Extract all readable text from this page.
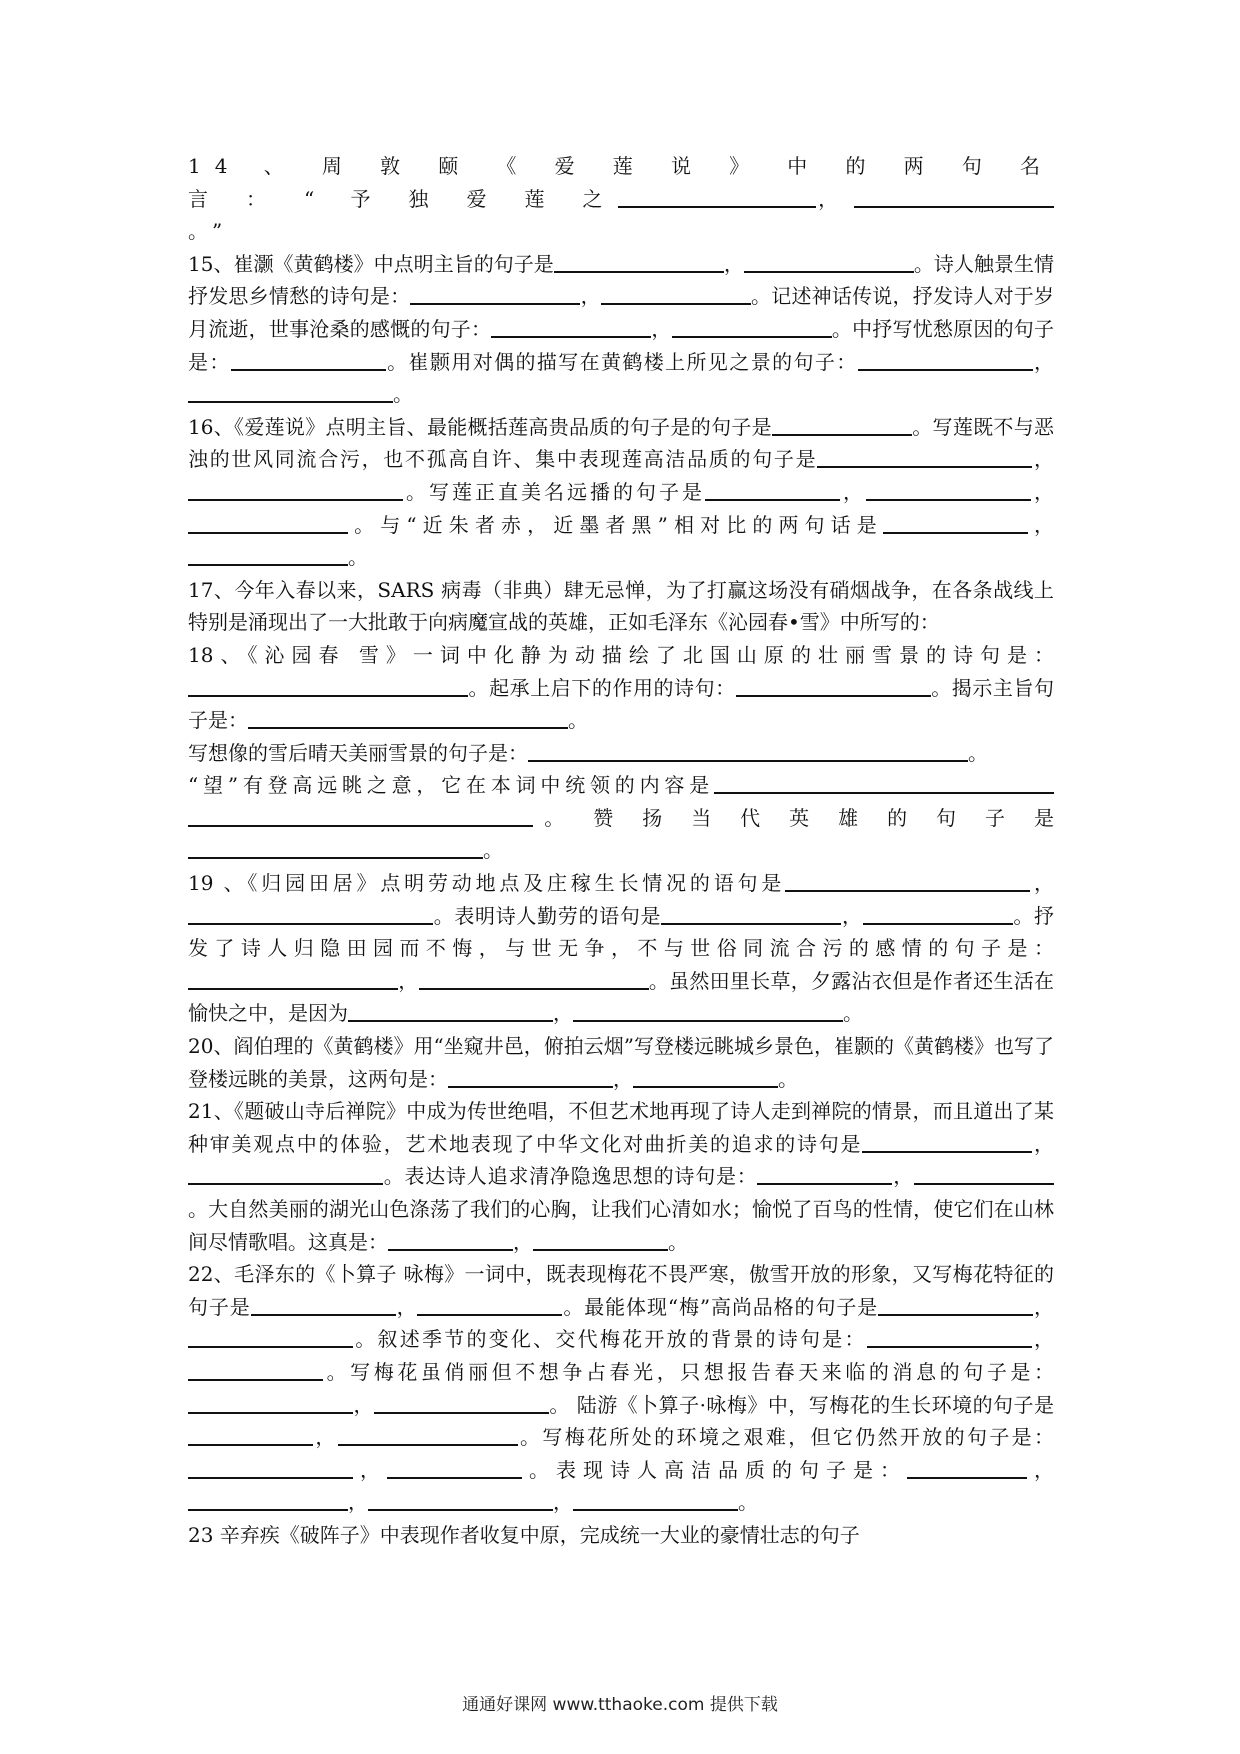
14 、 周 敦 颐 《 爱 莲 说 》 中 的 两 句 名 言 ： “ 予 独 爱 莲 之	，。”

15、崔灏《黄鹤楼》中点明主旨的句子是	，	。诗人触景生情抒发思乡情愁的诗句是：	，	。记述神话传说，抒发诗人对于岁月流逝，世事沧桑的感慨的句子：	，	。中抒写忧愁原因的句子是：	。崔颢用对偶的描写在黄鹤楼上所见之景的句子：	，。

16、《爱莲说》点明主旨、最能概括莲高贵品质的句子是的句子是	。写莲既不与恶浊的世风同流合污，也不孤高自许、集中表现莲高洁品质的句子是	，。写莲正直美名远播的句子是	，	，。与“近朱者赤，近墨者黑”相对比的两句话是	，。

17、今年入春以来，SARS 病毒（非典）肆无忌惮，为了打赢这场没有硝烟战争，在各条战线上特别是涌现出了一大批敢于向病魔宣战的英雄，正如毛泽东《沁园春•雪》中所写的：

18、《沁园春 雪》一词中化静为动描绘了北国山原的壮丽雪景的诗句是：。起承上启下的作用的诗句：	。揭示主旨句子是：	。
写想像的雪后晴天美丽雪景的句子是：	。
“望”有登高远眺之意，它在本词中统领的内容是。 赞 扬 当 代 英 雄 的 句 子 是。

19 、《归园田居》点明劳动地点及庄稼生长情况的语句是	，。表明诗人勤劳的语句是	，	。抒发了诗人归隐田园而不悔，与世无争，不与世俗同流合污的感情的句子是：，	。虽然田里长草，夕露沾衣但是作者还生活在愉快之中，是因为	，	。

20、阎伯理的《黄鹤楼》用“坐窥井邑，俯拍云烟”写登楼远眺城乡景色，崔颢的《黄鹤楼》也写了登楼远眺的美景，这两句是：	，	。

21、《题破山寺后禅院》中成为传世绝唱，不但艺术地再现了诗人走到禅院的情景，而且道出了某种审美观点中的体验，艺术地表现了中华文化对曲折美的追求的诗句是	，。表达诗人追求清净隐逸思想的诗句是：	，。大自然美丽的湖光山色涤荡了我们的心胸，让我们心清如水；愉悦了百鸟的性情，使它们在山林间尽情歌唱。这真是：	，	。

22、毛泽东的《卜算子 咏梅》一词中，既表现梅花不畏严寒，傲雪开放的形象，又写梅花特征的句子是	，	。最能体现“梅”高尚品格的句子是	，。叙述季节的变化、交代梅花开放的背景的诗句是：	，。写梅花虽俏丽但不想争占春光，只想报告春天来临的消息的句子是：，	。 陆游《卜算子·咏梅》中，写梅花的生长环境的句子是，	。写梅花所处的环境之艰难，但它仍然开放的句子是：，	。表现诗人高洁品质的句子是：	，，	，	。

23 辛弃疾《破阵子》中表现作者收复中原，完成统一大业的豪情壮志的句子

通通好课网 www.tthaoke.com 提供下载
